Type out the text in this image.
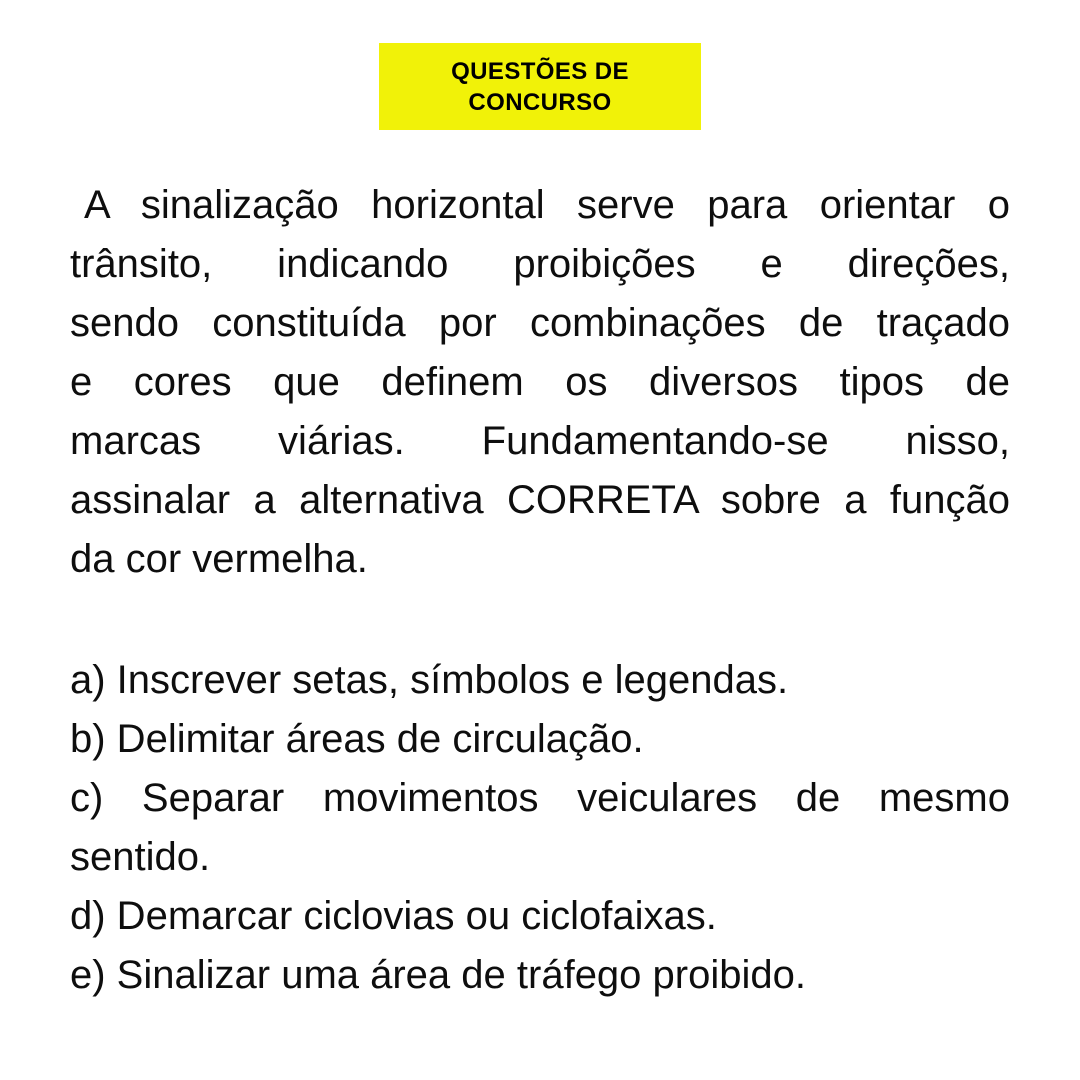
QUESTÕES DE
CONCURSO
A sinalização horizontal serve para orientar o
trânsito, indicando proibições e direções,
sendo constituída por combinações de traçado
e cores que definem os diversos tipos de
marcas viárias. Fundamentando-se nisso,
assinalar a alternativa CORRETA sobre a função
da cor vermelha.
a) Inscrever setas, símbolos e legendas.
b) Delimitar áreas de circulação.
c) Separar movimentos veiculares de mesmo
sentido.
d) Demarcar ciclovias ou ciclofaixas.
e) Sinalizar uma área de tráfego proibido.
